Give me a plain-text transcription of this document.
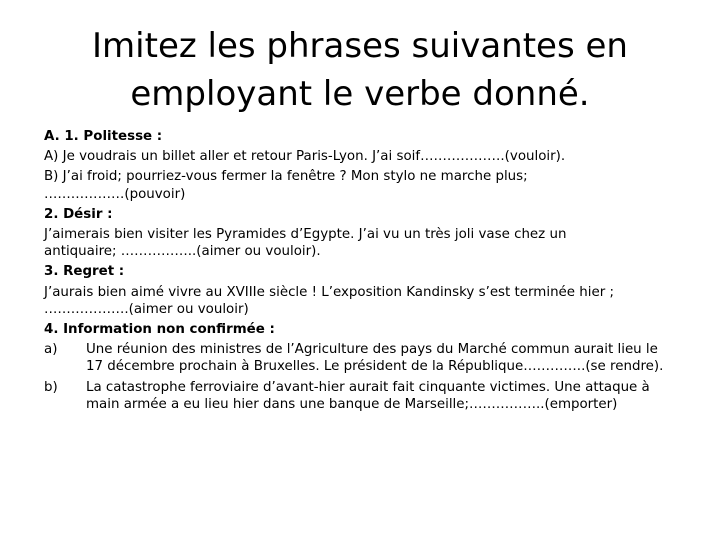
Imitez les phrases suivantes en
employant le verbe donné.
A. 1. Politesse :
A) Je voudrais un billet aller et retour Paris-Lyon. J’ai soif……………….(vouloir).
B) J’ai froid; pourriez-vous fermer la fenêtre ? Mon stylo ne marche plus;
………………(pouvoir)
2. Désir :
J’aimerais bien visiter les Pyramides d’Egypte. J’ai vu un très joli vase chez un
antiquaire; ……………..(aimer ou vouloir).
3. Regret :
J’aurais bien aimé vivre au XVIIIe siècle ! L’exposition Kandinsky s’est terminée hier ;
……………….(aimer ou vouloir)
4. Information non confirmée :
a) Une réunion des ministres de l’Agriculture des pays du Marché commun aurait lieu le 17 décembre prochain à Bruxelles. Le président de la République…………..(se rendre).
b) La catastrophe ferroviaire d’avant-hier aurait fait cinquante victimes. Une attaque à main armée a eu lieu hier dans une banque de Marseille;……………..(emporter)
